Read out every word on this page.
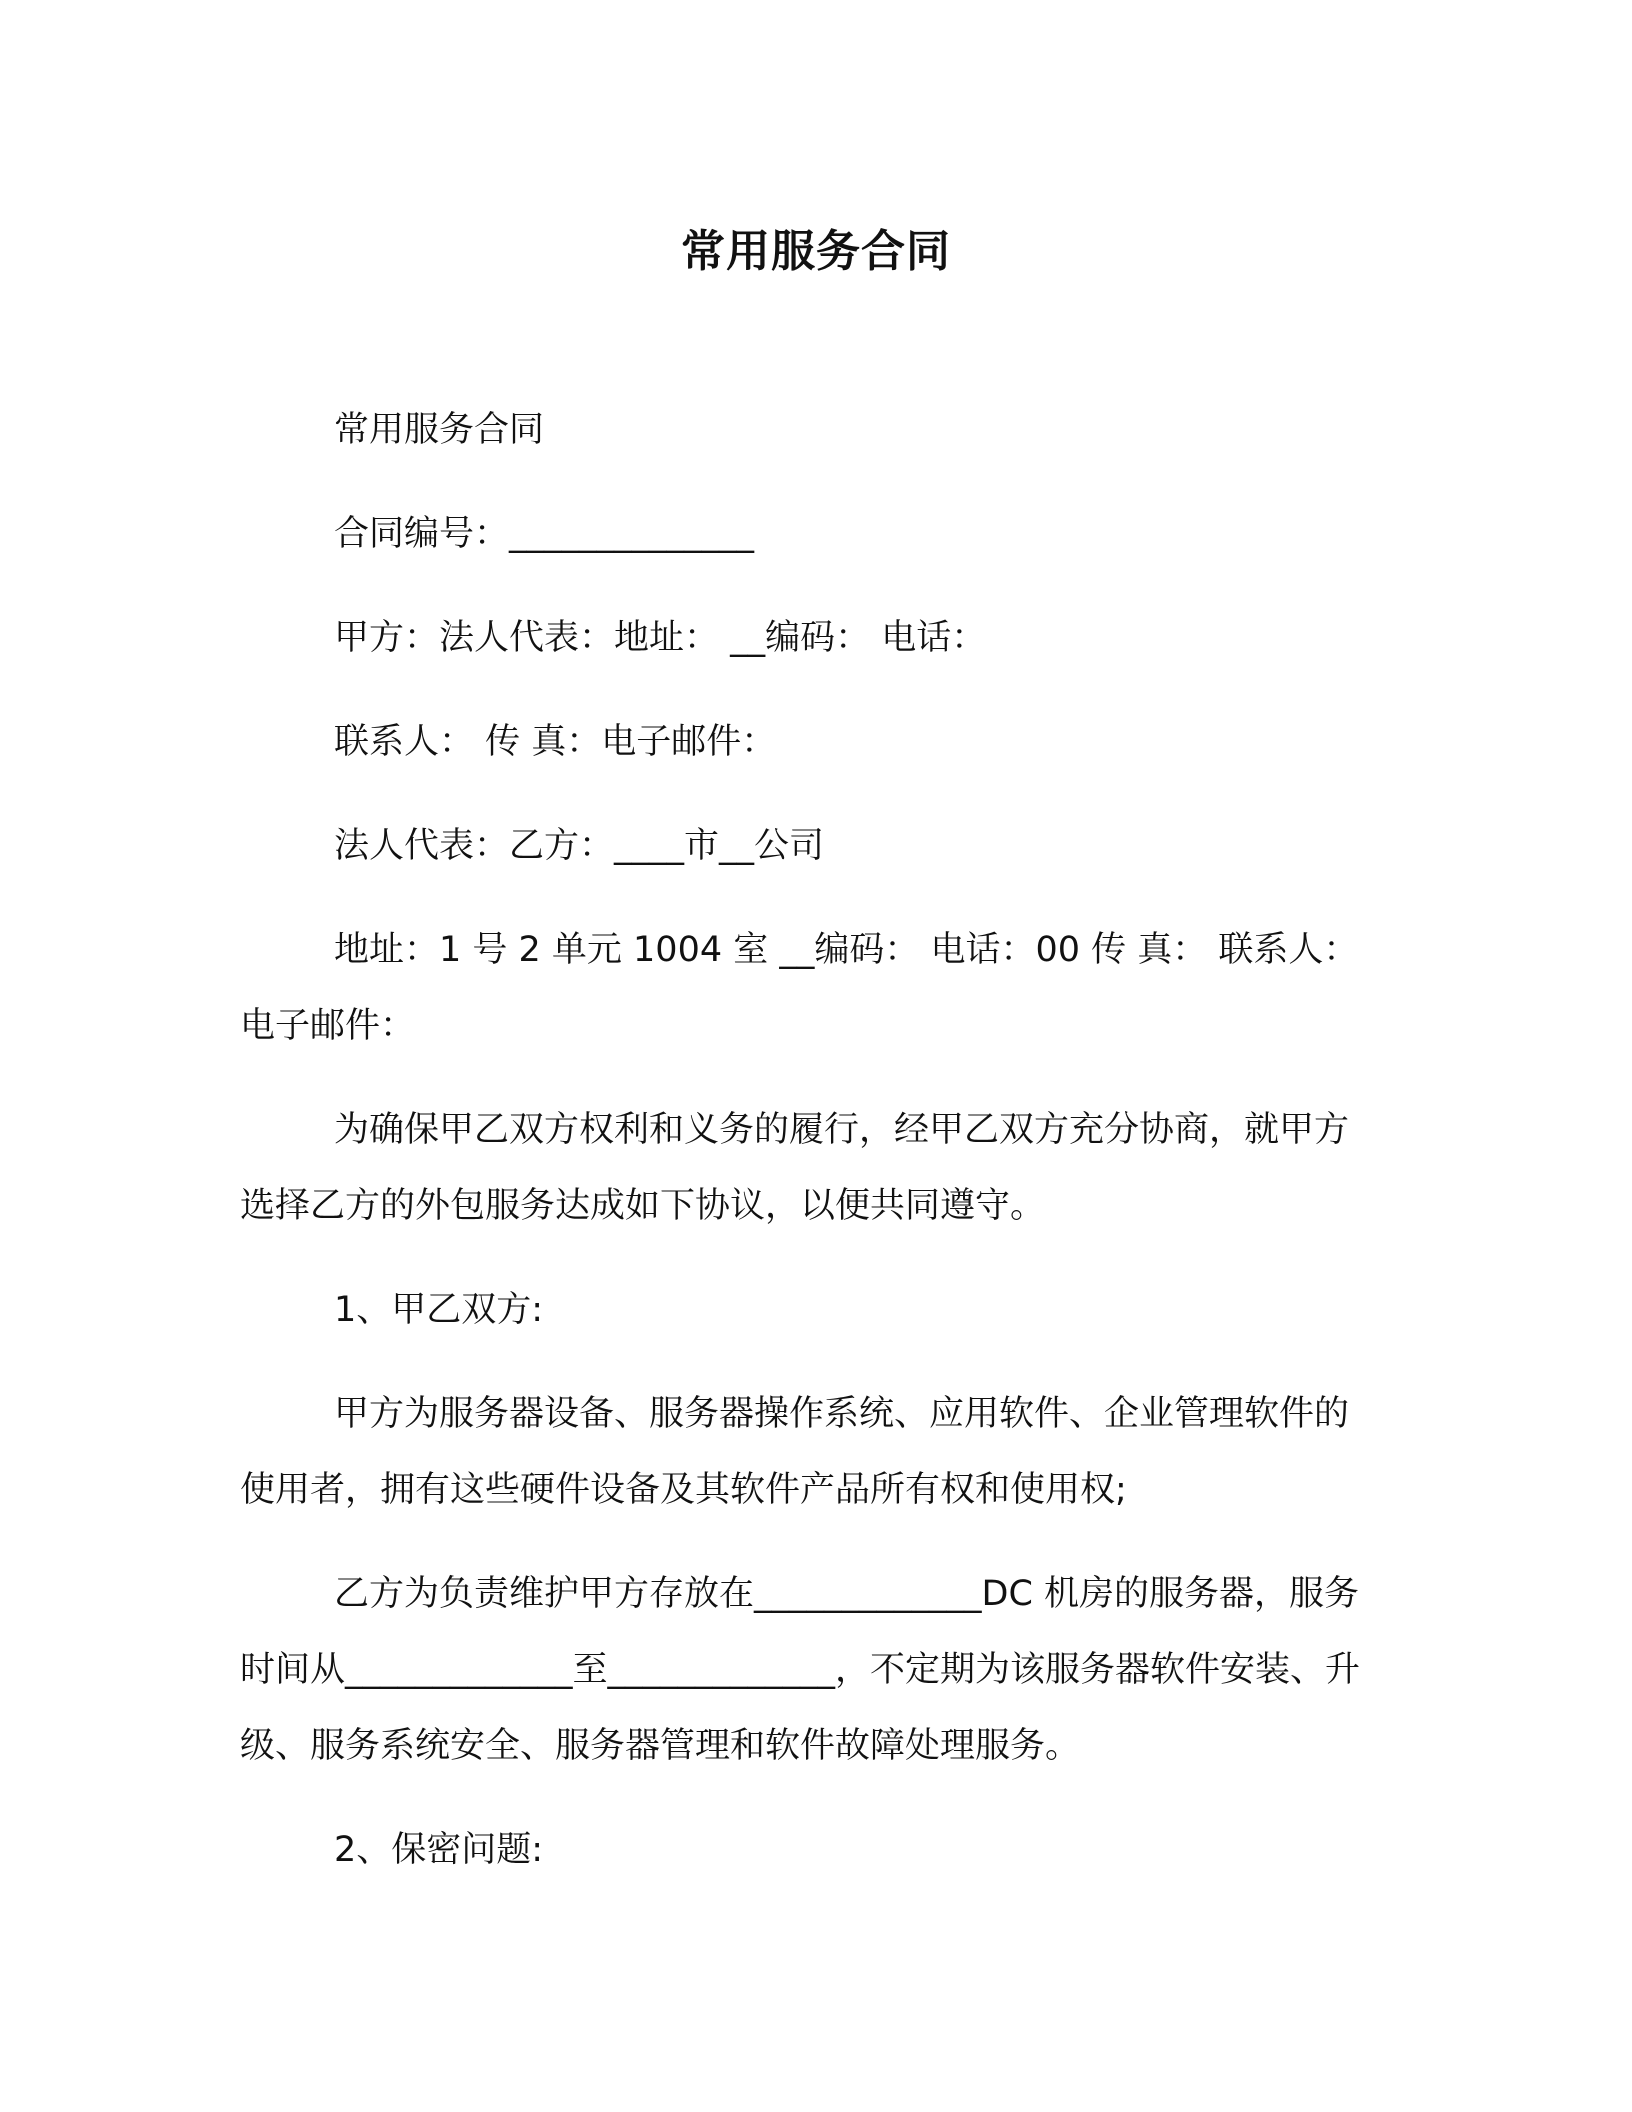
常用服务合同

常用服务合同

合同编号：______________

甲方：法人代表：地址： __编码： 电话：

联系人： 传 真：电子邮件：

法人代表：乙方：____市__公司

地址：1 号 2 单元 1004 室 __编码： 电话：00 传 真： 联系人：电子邮件：

为确保甲乙双方权利和义务的履行，经甲乙双方充分协商，就甲方选择乙方的外包服务达成如下协议，以便共同遵守。

1、甲乙双方:

甲方为服务器设备、服务器操作系统、应用软件、企业管理软件的使用者，拥有这些硬件设备及其软件产品所有权和使用权;

乙方为负责维护甲方存放在_____________DC 机房的服务器，服务时间从_____________至_____________，不定期为该服务器软件安装、升级、服务系统安全、服务器管理和软件故障处理服务。

2、保密问题:
